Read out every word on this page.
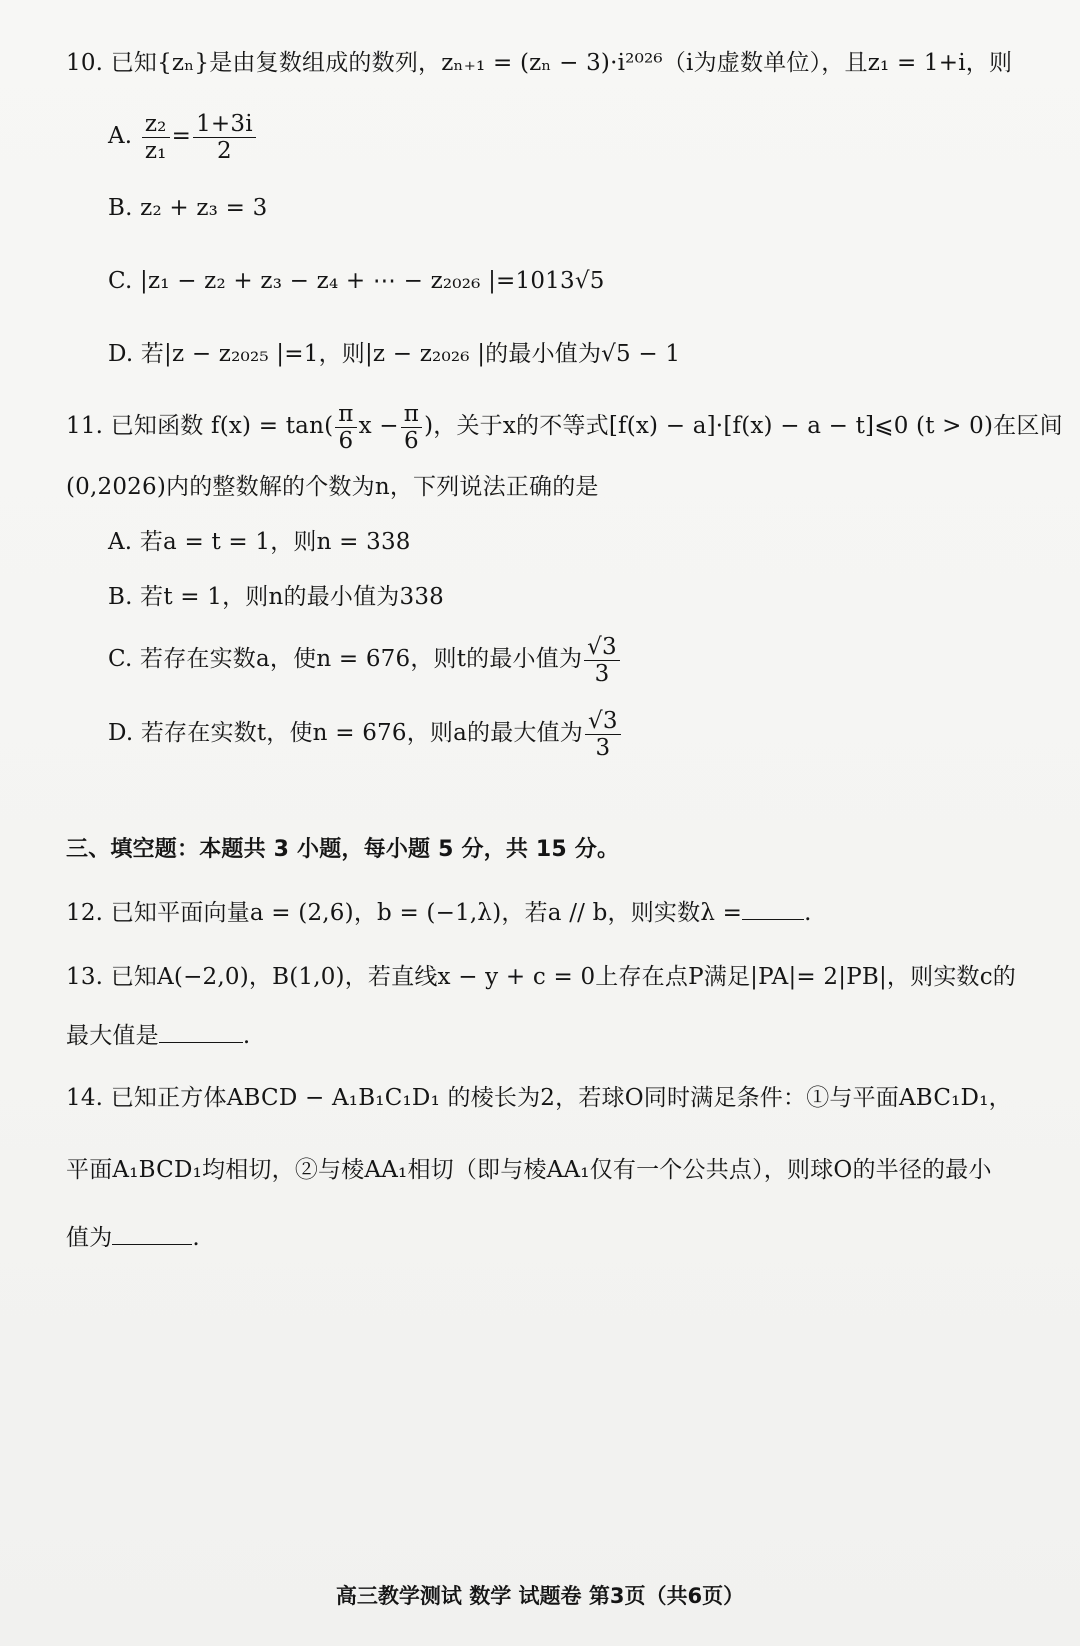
10. 已知{zₙ}是由复数组成的数列，zₙ₊₁ = (zₙ − 3)·i²⁰²⁶（i为虚数单位），且z₁ = 1+i，则
A. $\frac{\text{z₂}}{\text{z₁}} = \frac{1+3i}{2}$
B. z₂ + z₃ = 3
C. |z₁ − z₂ + z₃ − z₄ + ⋯ − z₂₀₂₆ |=1013√5
D. 若|z − z₂₀₂₅ |=1，则|z − z₂₀₂₆ |的最小值为√5 − 1
11. 已知函数 $f(x) = \tan( \frac{\pi}{6}$ $x - \frac{\pi}{6}$ )，关于x的不等式[f(x) − a]·[f(x) − a − t]⩽0 (t > 0)在区间
(0,2026)内的整数解的个数为n，下列说法正确的是
A. 若a = t = 1，则n = 338
B. 若t = 1，则n的最小值为338
C. 若存在实数a，使n = 676，则t的最小值为 $\frac{√3}{3}$
D. 若存在实数t，使n = 676，则a的最大值为 $\frac{√3}{3}$
三、填空题：本题共 3 小题，每小题 5 分，共 15 分。
12. 已知平面向量a = (2,6)，b = (−1,λ)，若a // b，则实数λ =	.
13. 已知A(−2,0)，B(1,0)，若直线x − y + c = 0上存在点P满足|PA|= 2|PB|，则实数c的
最大值是	.
14. 已知正方体ABCD − A₁B₁C₁D₁ 的棱长为2，若球O同时满足条件：①与平面ABC₁D₁，
平面A₁BCD₁均相切，②与棱AA₁相切（即与棱AA₁仅有一个公共点），则球O的半径的最小
值为	.
高三教学测试 数学 试题卷 第3页（共6页）
